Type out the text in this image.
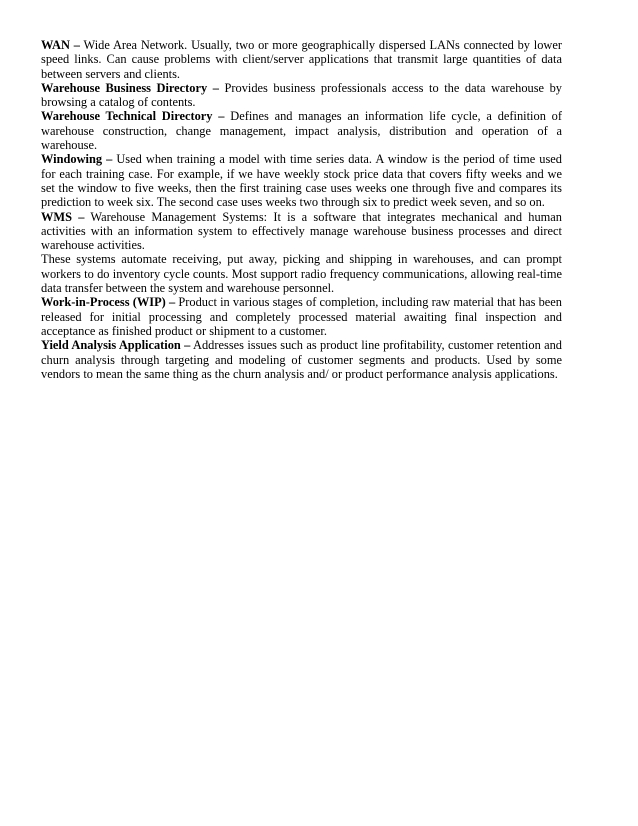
WAN – Wide Area Network. Usually, two or more geographically dispersed LANs connected by lower speed links. Can cause problems with client/server applications that transmit large quantities of data between servers and clients.

Warehouse Business Directory – Provides business professionals access to the data warehouse by browsing a catalog of contents.

Warehouse Technical Directory – Defines and manages an information life cycle, a definition of warehouse construction, change management, impact analysis, distribution and operation of a warehouse.

Windowing – Used when training a model with time series data. A window is the period of time used for each training case. For example, if we have weekly stock price data that covers fifty weeks and we set the window to five weeks, then the first training case uses weeks one through five and compares its prediction to week six. The second case uses weeks two through six to predict week seven, and so on.

WMS – Warehouse Management Systems: It is a software that integrates mechanical and human activities with an information system to effectively manage warehouse business processes and direct warehouse activities.

These systems automate receiving, put away, picking and shipping in warehouses, and can prompt workers to do inventory cycle counts. Most support radio frequency communications, allowing real-time data transfer between the system and warehouse personnel.

Work-in-Process (WIP) – Product in various stages of completion, including raw material that has been released for initial processing and completely processed material awaiting final inspection and acceptance as finished product or shipment to a customer.

Yield Analysis Application – Addresses issues such as product line profitability, customer retention and churn analysis through targeting and modeling of customer segments and products. Used by some vendors to mean the same thing as the churn analysis and/ or product performance analysis applications.
